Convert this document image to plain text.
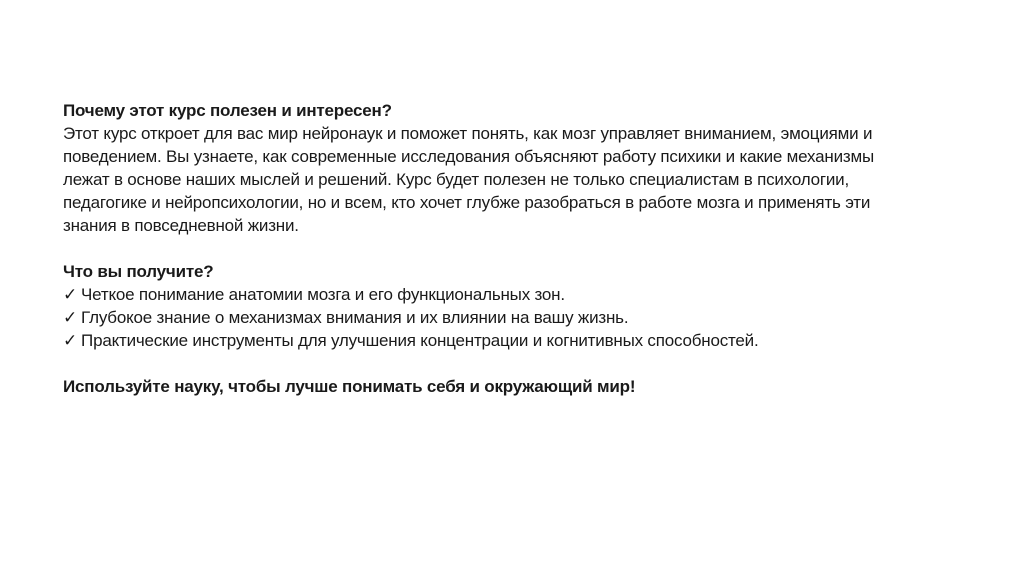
Почему этот курс полезен и интересен?
Этот курс откроет для вас мир нейронаук и поможет понять, как мозг управляет вниманием, эмоциями и
поведением. Вы узнаете, как современные исследования объясняют работу психики и какие механизмы
лежат в основе наших мыслей и решений. Курс будет полезен не только специалистам в психологии,
педагогике и нейропсихологии, но и всем, кто хочет глубже разобраться в работе мозга и применять эти
знания в повседневной жизни.
Что вы получите?
✓ Четкое понимание анатомии мозга и его функциональных зон.
✓ Глубокое знание о механизмах внимания и их влиянии на вашу жизнь.
✓ Практические инструменты для улучшения концентрации и когнитивных способностей.
Используйте науку, чтобы лучше понимать себя и окружающий мир!
